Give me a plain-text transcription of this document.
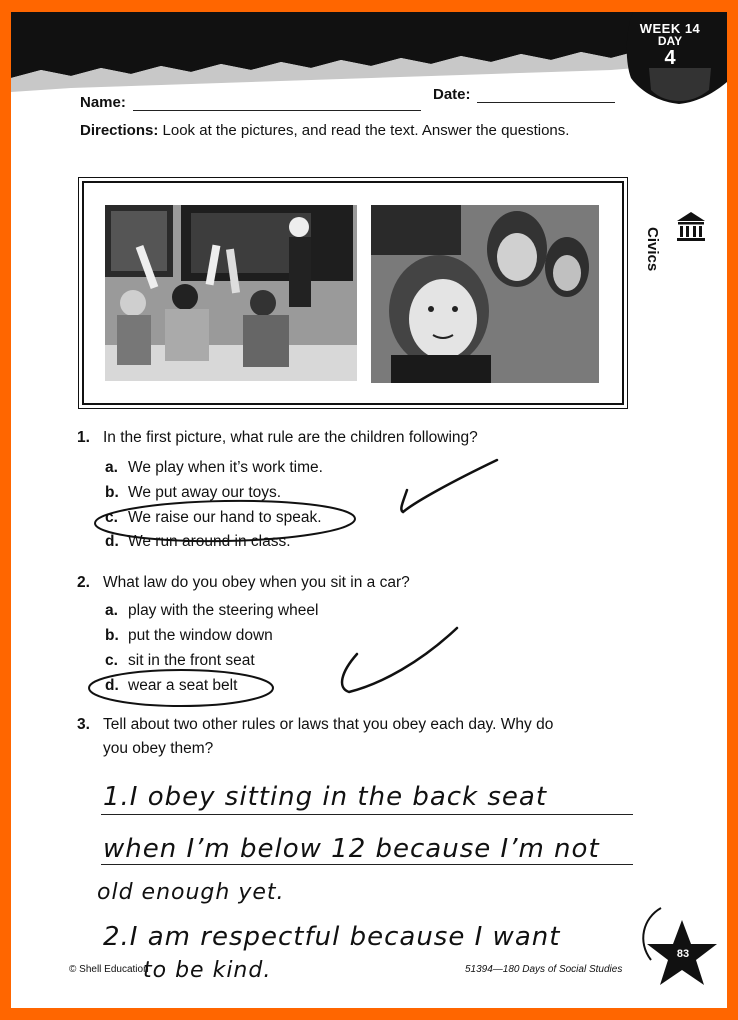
WEEK 14
DAY
4
Name:	Date:
Directions: Look at the pictures, and read the text. Answer the questions.
Civics
1. In the first picture, what rule are the children following?
a. We play when it’s work time.
b. We put away our toys.
c. We raise our hand to speak.
d. We run around in class.
2. What law do you obey when you sit in a car?
a. play with the steering wheel
b. put the window down
c. sit in the front seat
d. wear a seat belt
3. Tell about two other rules or laws that you obey each day. Why do
you obey them?
1.I obey sitting in the back seat
when I’m below 12 because I’m not
old enough yet.
2.I am respectful because I want
to be kind.
© Shell Education	51394—180 Days of Social Studies
83
